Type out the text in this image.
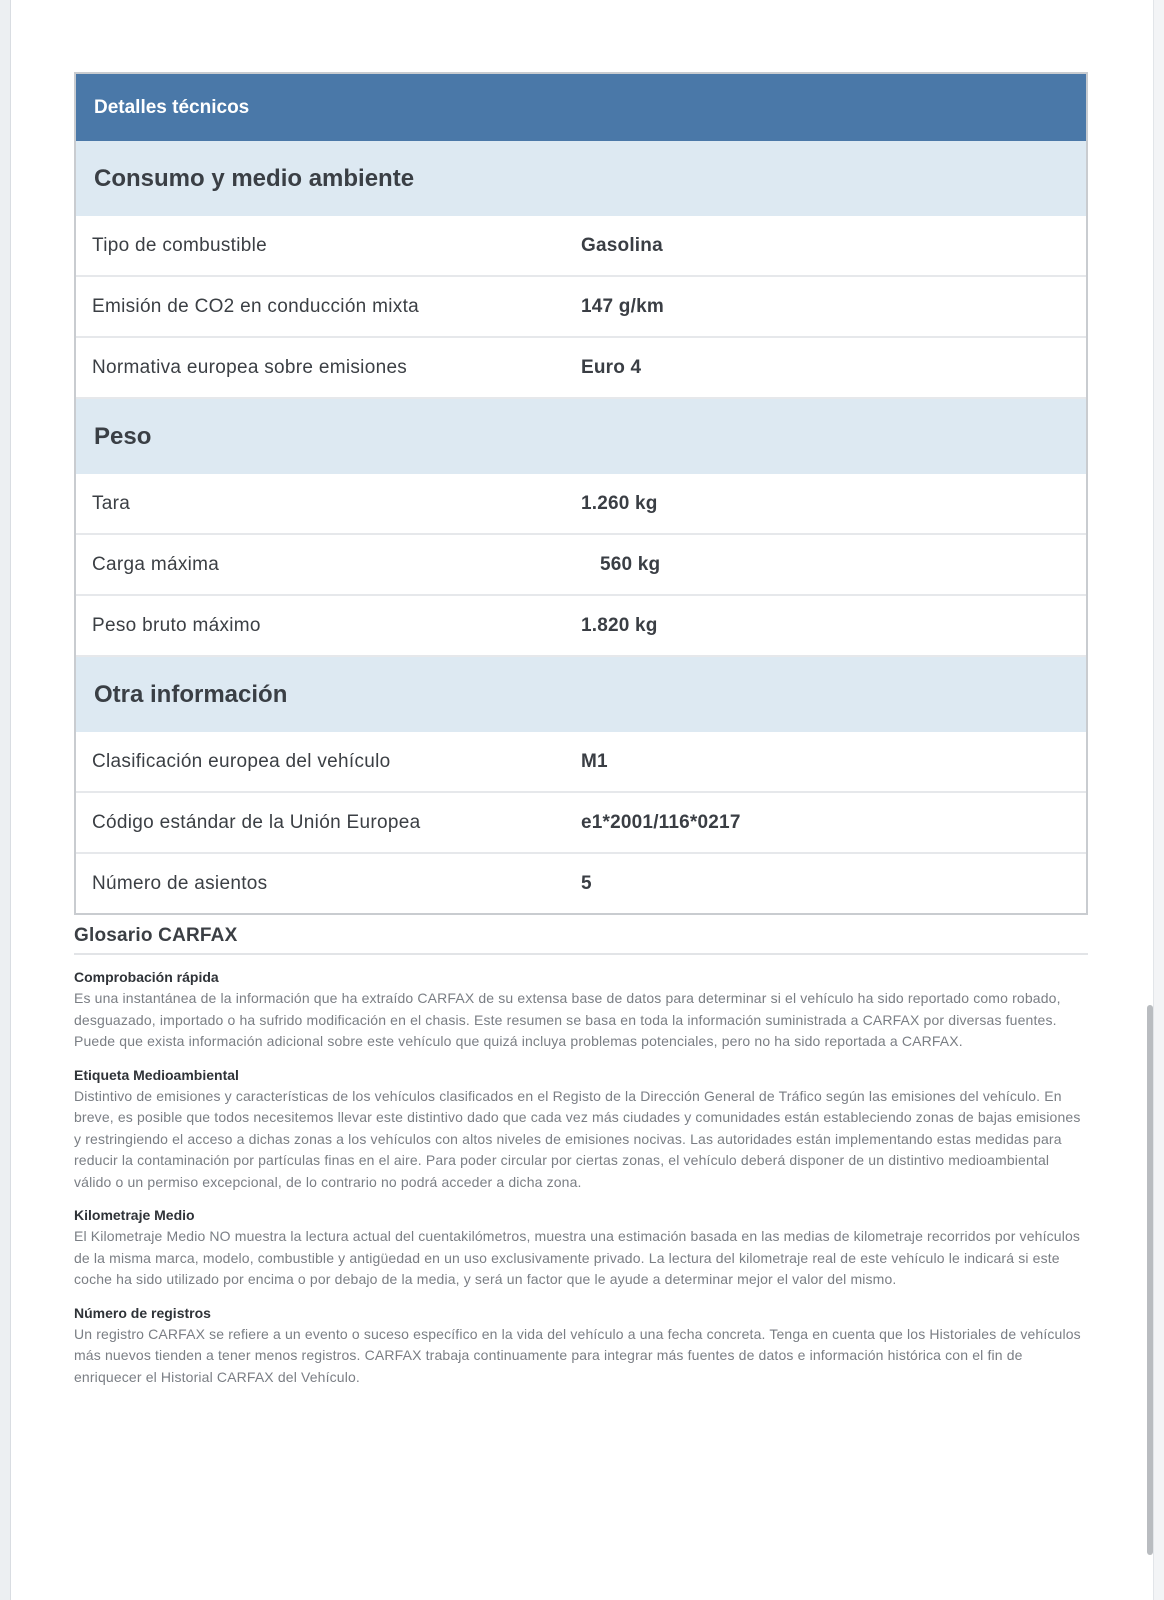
Detalles técnicos
Consumo y medio ambiente
Tipo de combustible	Gasolina
Emisión de CO2 en conducción mixta	147 g/km
Normativa europea sobre emisiones	Euro 4
Peso
Tara	1.260 kg
Carga máxima	560 kg
Peso bruto máximo	1.820 kg
Otra información
Clasificación europea del vehículo	M1
Código estándar de la Unión Europea	e1*2001/116*0217
Número de asientos	5
Glosario CARFAX
Comprobación rápida
Es una instantánea de la información que ha extraído CARFAX de su extensa base de datos para determinar si el vehículo ha sido reportado como robado, desguazado, importado o ha sufrido modificación en el chasis. Este resumen se basa en toda la información suministrada a CARFAX por diversas fuentes. Puede que exista información adicional sobre este vehículo que quizá incluya problemas potenciales, pero no ha sido reportada a CARFAX.
Etiqueta Medioambiental
Distintivo de emisiones y características de los vehículos clasificados en el Registo de la Dirección General de Tráfico según las emisiones del vehículo. En breve, es posible que todos necesitemos llevar este distintivo dado que cada vez más ciudades y comunidades están estableciendo zonas de bajas emisiones y restringiendo el acceso a dichas zonas a los vehículos con altos niveles de emisiones nocivas. Las autoridades están implementando estas medidas para reducir la contaminación por partículas finas en el aire. Para poder circular por ciertas zonas, el vehículo deberá disponer de un distintivo medioambiental válido o un permiso excepcional, de lo contrario no podrá acceder a dicha zona.
Kilometraje Medio
El Kilometraje Medio NO muestra la lectura actual del cuentakilómetros, muestra una estimación basada en las medias de kilometraje recorridos por vehículos de la misma marca, modelo, combustible y antigüedad en un uso exclusivamente privado. La lectura del kilometraje real de este vehículo le indicará si este coche ha sido utilizado por encima o por debajo de la media, y será un factor que le ayude a determinar mejor el valor del mismo.
Número de registros
Un registro CARFAX se refiere a un evento o suceso específico en la vida del vehículo a una fecha concreta. Tenga en cuenta que los Historiales de vehículos más nuevos tienden a tener menos registros. CARFAX trabaja continuamente para integrar más fuentes de datos e información histórica con el fin de enriquecer el Historial CARFAX del Vehículo.
